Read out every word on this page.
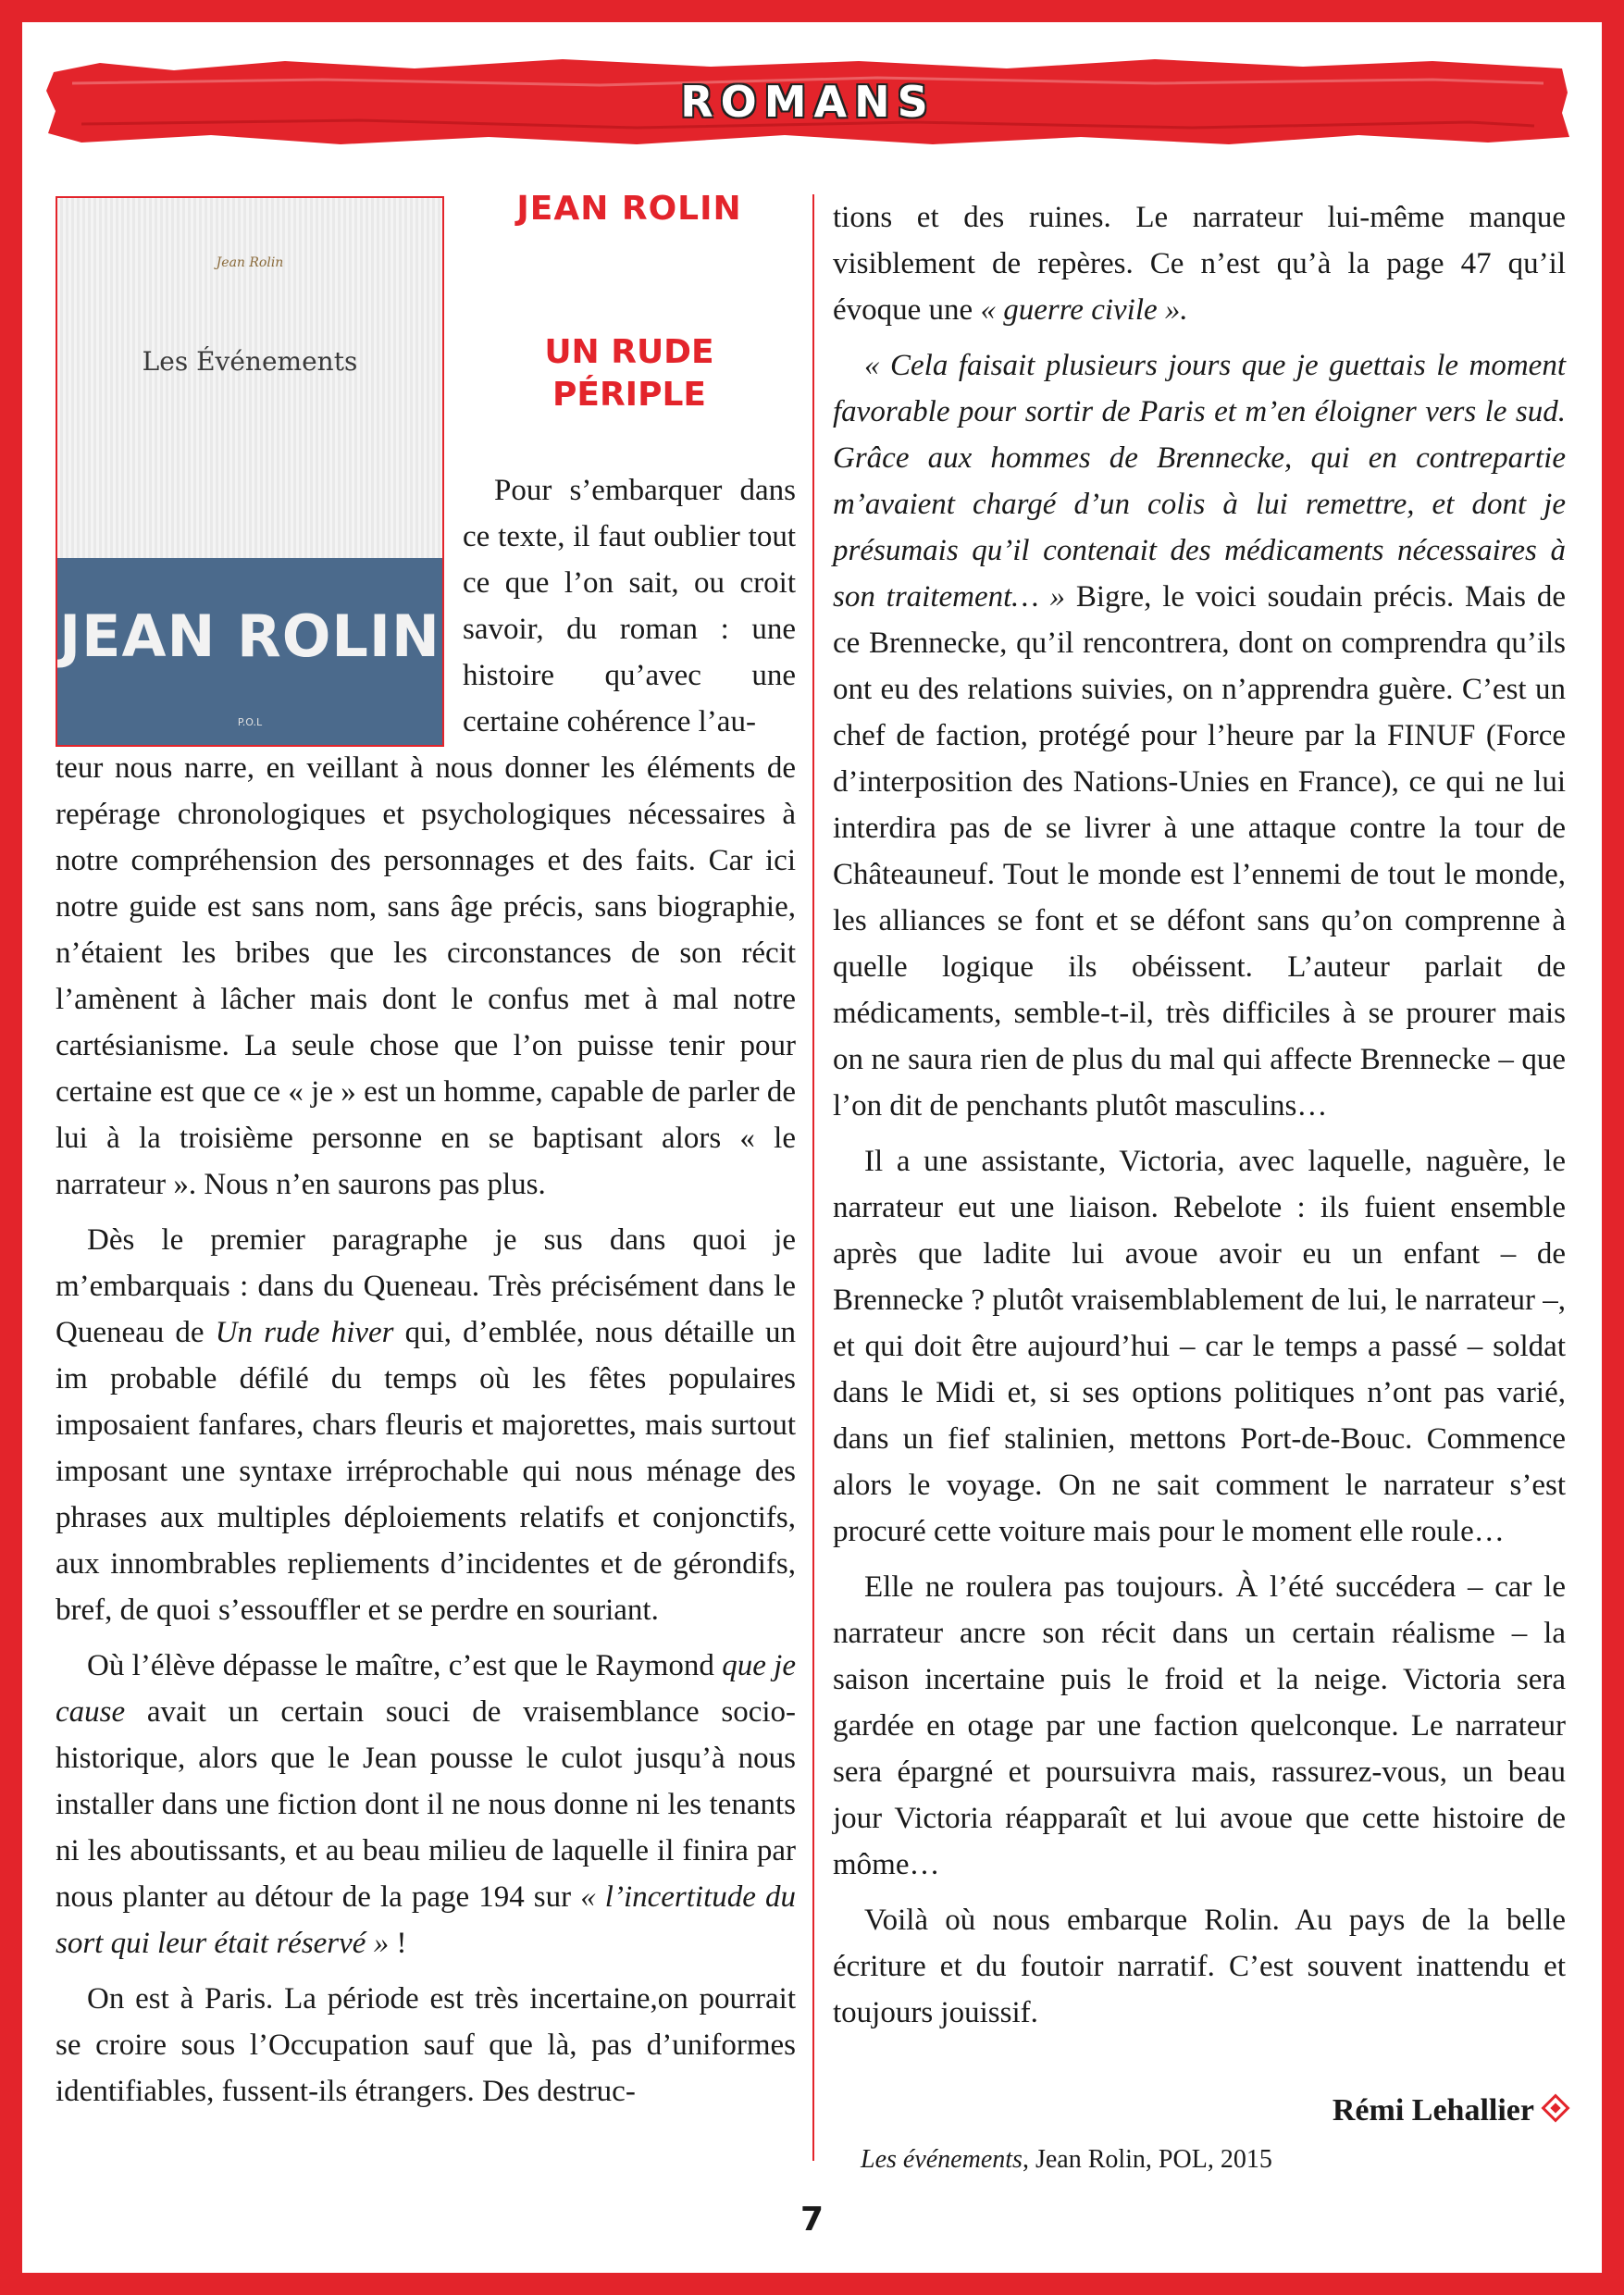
ROMANS
Jean Rolin
Les Événements
JEAN ROLIN
P.O.L
JEAN ROLIN
UN RUDE
PÉRIPLE

Pour s’embarquer dans ce texte, il faut oublier tout ce que l’on sait, ou croit savoir, du roman : une histoire qu’avec une certaine cohérence l’au-

teur nous narre, en veillant à nous donner les éléments de repérage chronologiques et psychologiques nécessaires à notre compréhension des personnages et des faits. Car ici notre guide est sans nom, sans âge précis, sans biographie, n’étaient les bribes que les circonstances de son récit l’amènent à lâcher mais dont le confus met à mal notre cartésianisme. La seule chose que l’on puisse tenir pour certaine est que ce « je » est un homme, capable de parler de lui à la troisième personne en se baptisant alors « le narrateur ». Nous n’en saurons pas plus.

Dès le premier paragraphe je sus dans quoi je m’embarquais : dans du Queneau. Très précisément dans le Queneau de Un rude hiver qui, d’emblée, nous détaille un im probable défilé du temps où les fêtes populaires imposaient fanfares, chars fleuris et majorettes, mais surtout imposant une syntaxe irréprochable qui nous ménage des phrases aux multiples déploiements relatifs et conjonctifs, aux innombrables repliements d’incidentes et de gérondifs, bref, de quoi s’essouffler et se perdre en souriant.

Où l’élève dépasse le maître, c’est que le Raymond que je cause avait un certain souci de vraisemblance socio-historique, alors que le Jean pousse le culot jusqu’à nous installer dans une fiction dont il ne nous donne ni les tenants ni les aboutissants, et au beau milieu de laquelle il finira par nous planter au détour de la page 194 sur « l’incertitude du sort qui leur était réservé » !

On est à Paris. La période est très incertaine,on pourrait se croire sous l’Occupation sauf que là, pas d’uniformes identifiables, fussent-ils étrangers. Des destruc-

tions et des ruines. Le narrateur lui-même manque visiblement de repères. Ce n’est qu’à la page 47 qu’il évoque une « guerre civile ».

« Cela faisait plusieurs jours que je guettais le moment favorable pour sortir de Paris et m’en éloigner vers le sud. Grâce aux hommes de Brennecke, qui en contrepartie m’avaient chargé d’un colis à lui remettre, et dont je présumais qu’il contenait des médicaments nécessaires à son traitement… » Bigre, le voici soudain précis. Mais de ce Brennecke, qu’il rencontrera, dont on comprendra qu’ils ont eu des relations suivies, on n’apprendra guère. C’est un chef de faction, protégé pour l’heure par la FINUF (Force d’interposition des Nations-Unies en France), ce qui ne lui interdira pas de se livrer à une attaque contre la tour de Châteauneuf. Tout le monde est l’ennemi de tout le monde, les alliances se font et se défont sans qu’on comprenne à quelle logique ils obéissent. L’auteur parlait de médicaments, semble-t-il, très difficiles à se prourer mais on ne saura rien de plus du mal qui affecte Brennecke – que l’on dit de penchants plutôt masculins…

Il a une assistante, Victoria, avec laquelle, naguère, le narrateur eut une liaison. Rebelote : ils fuient ensemble après que ladite lui avoue avoir eu un enfant – de Brennecke ? plutôt vraisemblablement de lui, le narrateur –, et qui doit être aujourd’hui – car le temps a passé – soldat dans le Midi et, si ses options politiques n’ont pas varié, dans un fief stalinien, mettons Port-de-Bouc. Commence alors le voyage. On ne sait comment le narrateur s’est procuré cette voiture mais pour le moment elle roule…

Elle ne roulera pas toujours. À l’été succédera – car le narrateur ancre son récit dans un certain réalisme – la saison incertaine puis le froid et la neige. Victoria sera gardée en otage par une faction quelconque. Le narrateur sera épargné et poursuivra mais, rassurez-vous, un beau jour Victoria réapparaît et lui avoue que cette histoire de môme…

Voilà où nous embarque Rolin. Au pays de la belle écriture et du foutoir narratif. C’est souvent inattendu et toujours jouissif.

Rémi Lehallier
Les événements, Jean Rolin, POL, 2015
7
